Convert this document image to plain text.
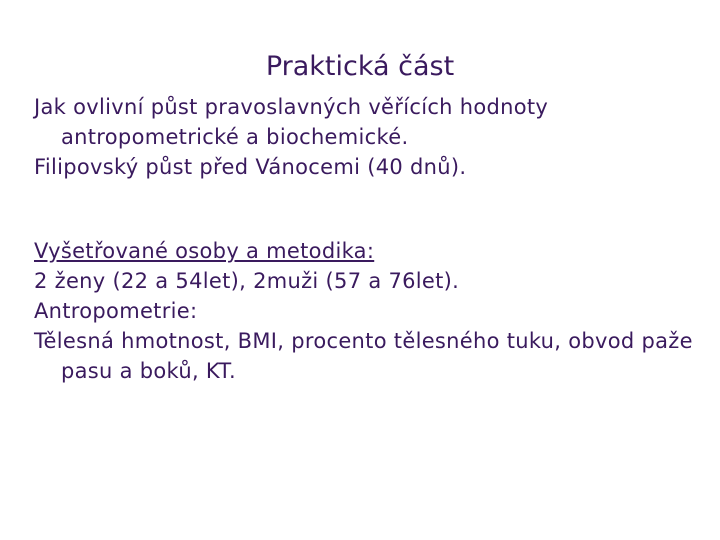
Praktická část

Jak ovlivní půst pravoslavných věřících hodnoty antropometrické a biochemické.

Filipovský půst před Vánocemi (40 dnů).

Vyšetřované osoby a metodika:

2 ženy (22 a 54let), 2muži (57 a 76let).

Antropometrie:

Tělesná hmotnost, BMI, procento tělesného tuku, obvod paže pasu a boků, KT.
